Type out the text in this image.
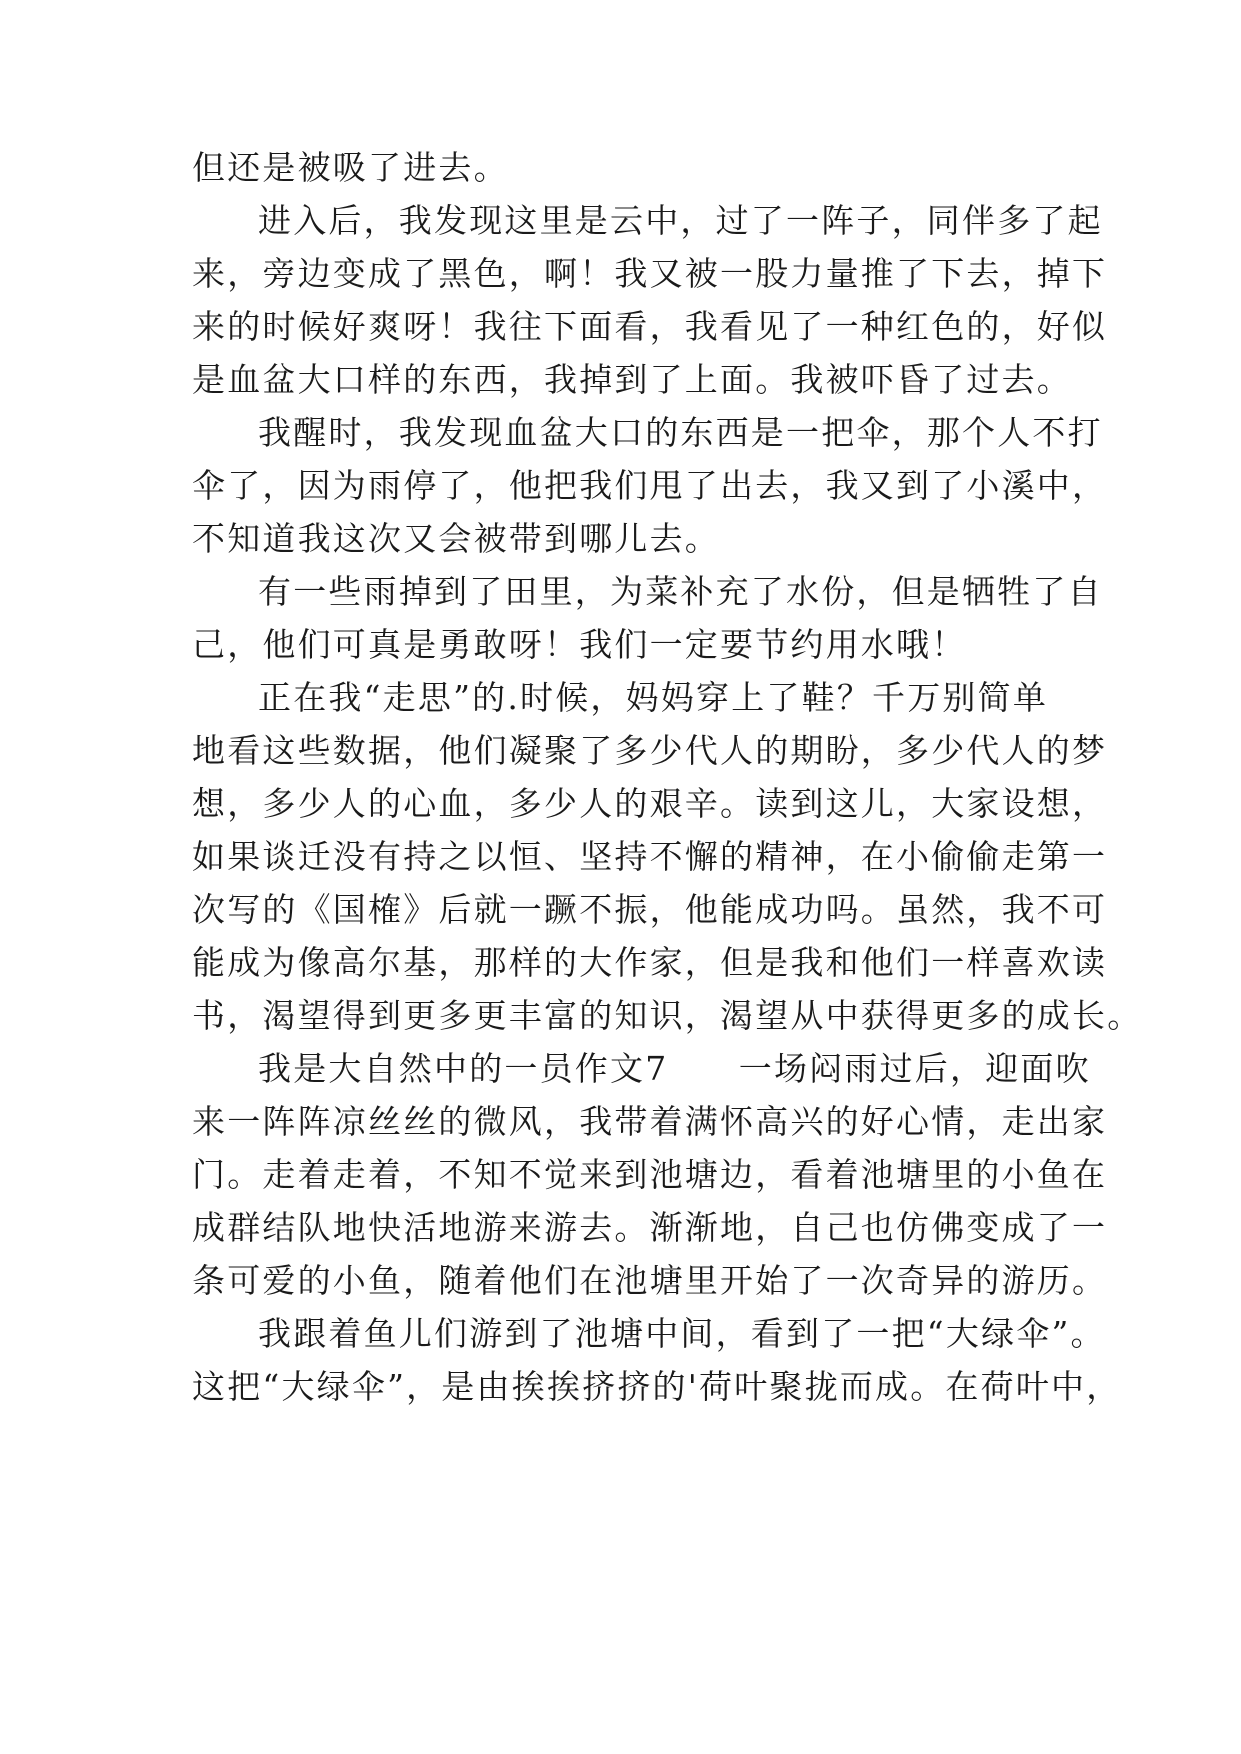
但还是被吸了进去。
进入后，我发现这里是云中，过了一阵子，同伴多了起
来，旁边变成了黑色，啊！我又被一股力量推了下去，掉下
来的时候好爽呀！我往下面看，我看见了一种红色的，好似
是血盆大口样的东西，我掉到了上面。我被吓昏了过去。
我醒时，我发现血盆大口的东西是一把伞，那个人不打
伞了，因为雨停了，他把我们甩了出去，我又到了小溪中，
不知道我这次又会被带到哪儿去。
有一些雨掉到了田里，为菜补充了水份，但是牺牲了自
己，他们可真是勇敢呀！我们一定要节约用水哦！
正在我“走思”的.时候，妈妈穿上了鞋？千万别简单
地看这些数据，他们凝聚了多少代人的期盼，多少代人的梦
想，多少人的心血，多少人的艰辛。读到这儿，大家设想，
如果谈迁没有持之以恒、坚持不懈的精神，在小偷偷走第一
次写的《国榷》后就一蹶不振，他能成功吗。虽然，我不可
能成为像高尔基，那样的大作家，但是我和他们一样喜欢读
书，渴望得到更多更丰富的知识，渴望从中获得更多的成长。
我是大自然中的一员作文7　　一场闷雨过后，迎面吹
来一阵阵凉丝丝的微风，我带着满怀高兴的好心情，走出家
门。走着走着，不知不觉来到池塘边，看着池塘里的小鱼在
成群结队地快活地游来游去。渐渐地，自己也仿佛变成了一
条可爱的小鱼，随着他们在池塘里开始了一次奇异的游历。
我跟着鱼儿们游到了池塘中间，看到了一把“大绿伞”。
这把“大绿伞”，是由挨挨挤挤的'荷叶聚拢而成。在荷叶中，
